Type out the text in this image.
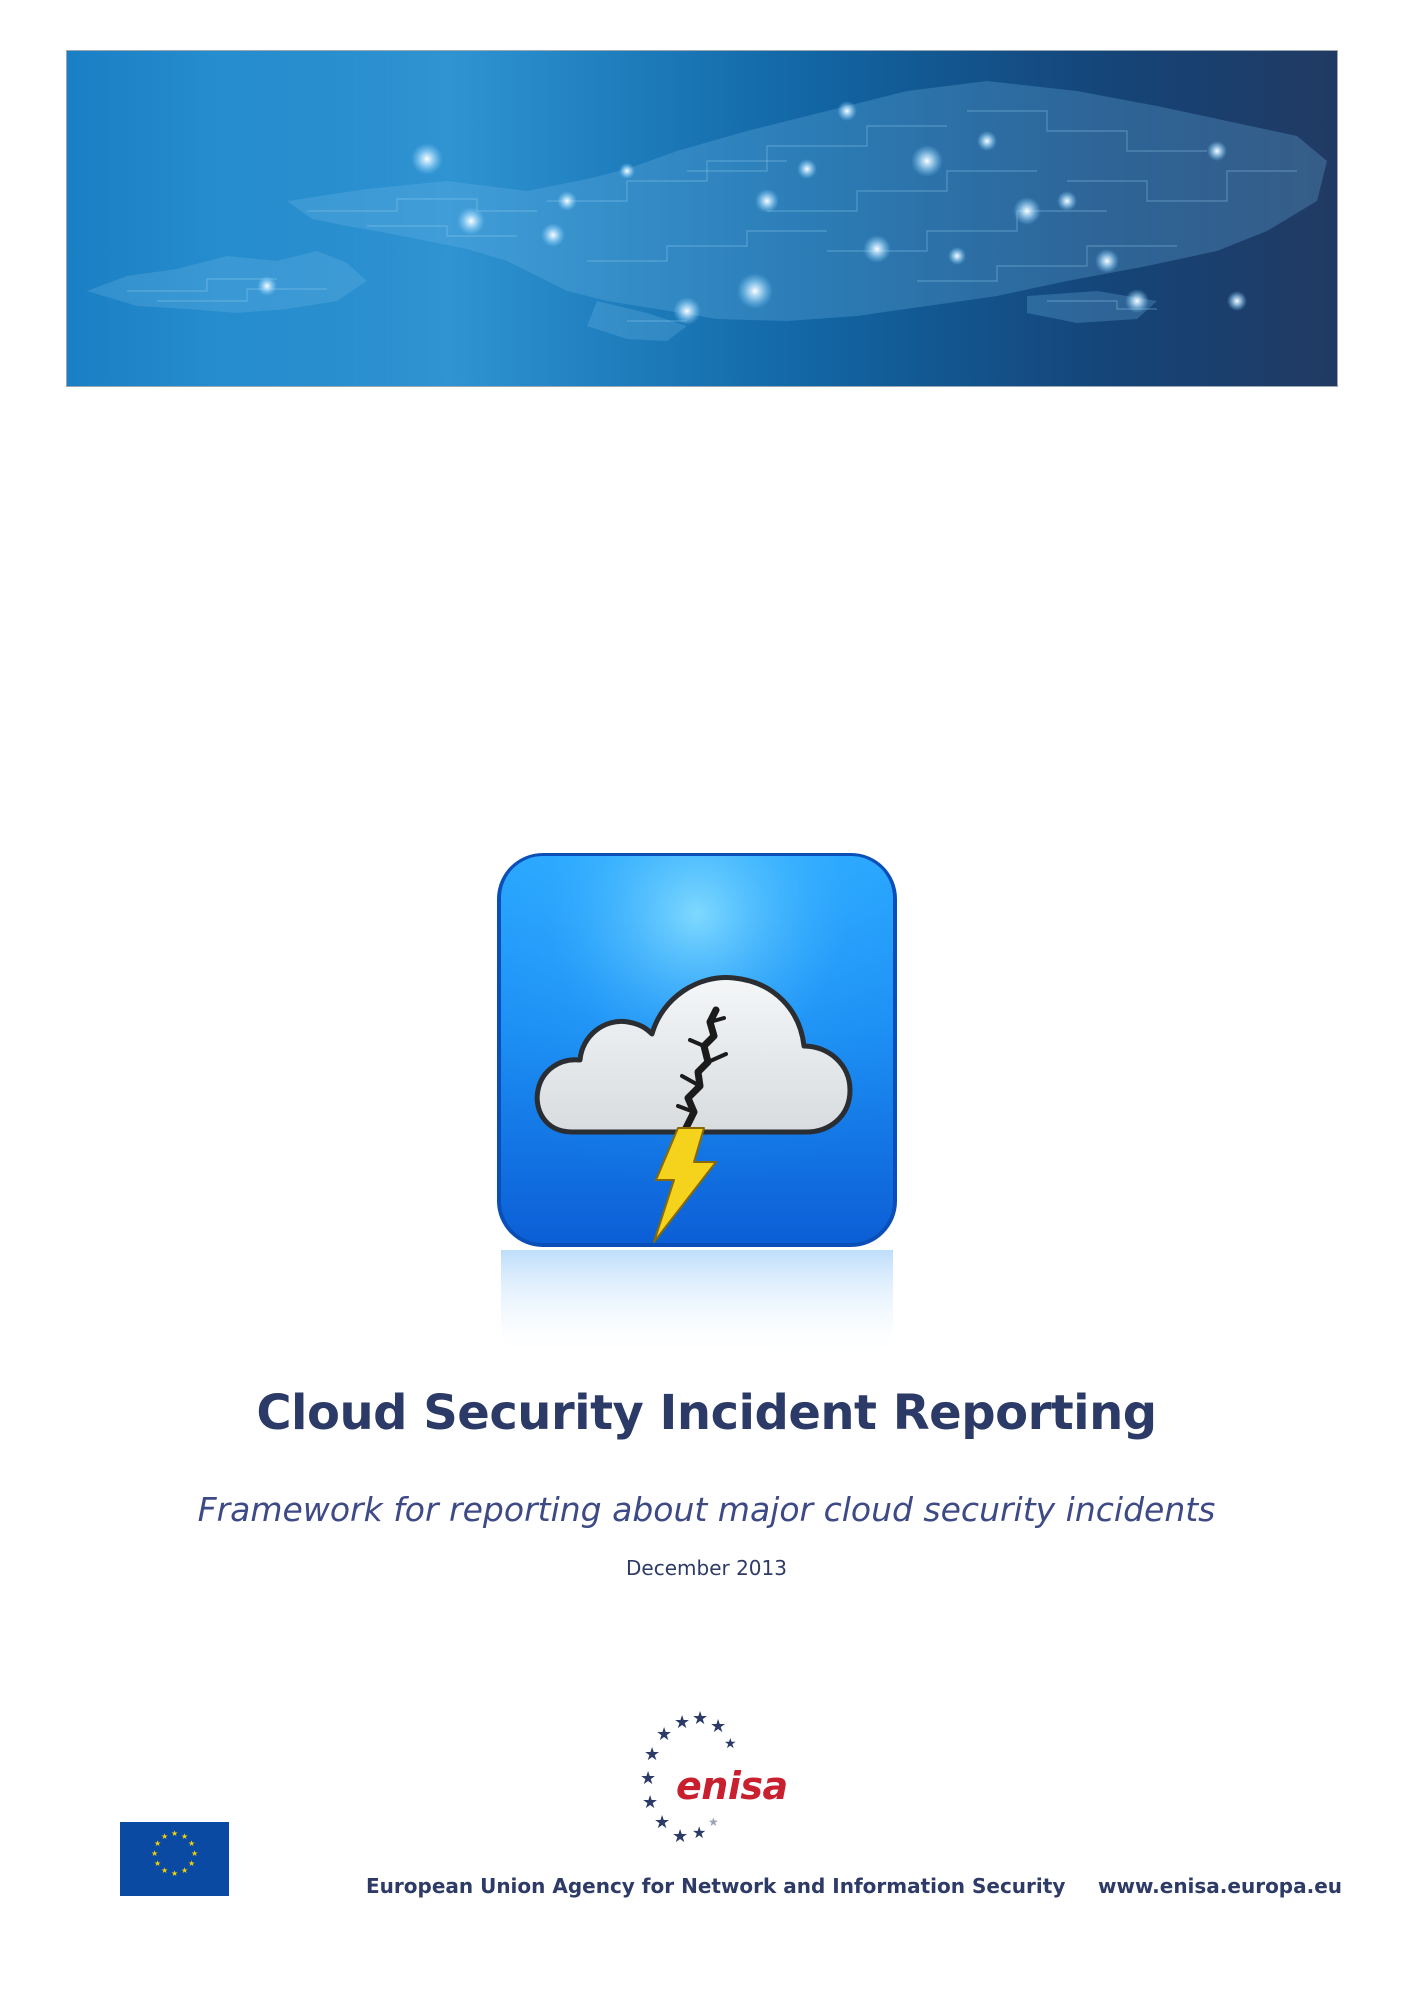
Cloud Security Incident Reporting
Framework for reporting about major cloud security incidents
December 2013
★ ★ ★
★
★
★
★
★
★
★ ★
★
enisa
★ ★
★
★
★
★
★
★
★
★
★
★
European Union Agency for Network and Information Security www.enisa.europa.eu
